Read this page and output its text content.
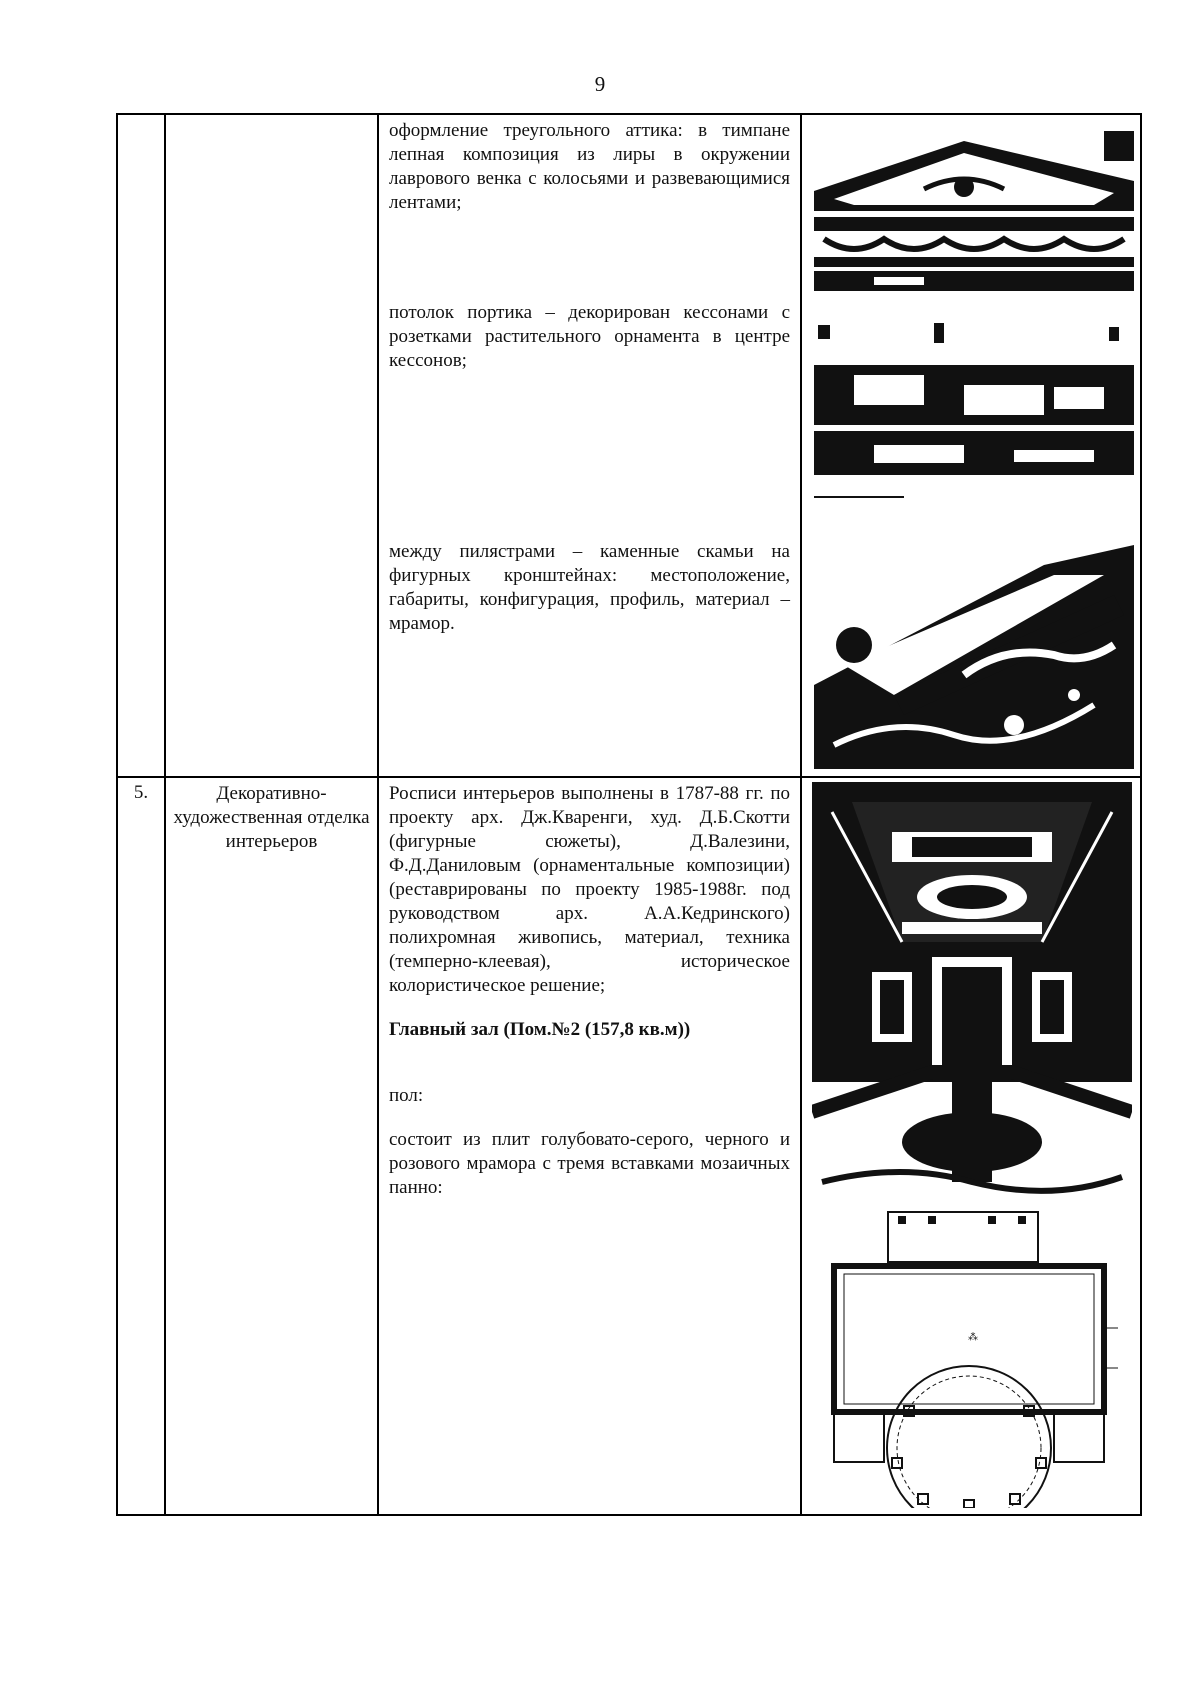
9

		оформление треугольного аттика: в тимпане лепная композиция из лиры в окружении лаврового венка с колосьями и развевающимися лентами;

потолок портика – декорирован кессонами с розетками растительного орнамента в центре кессонов;

между пилястрами – каменные скамьи на фигурных кронштейнах: местоположение, габариты, конфигурация, профиль, материал – мрамор.

5.	Декоративно-художественная отделка интерьеров	Росписи интерьеров выполнены в 1787-88 гг. по проекту арх. Дж.Кваренги, худ. Д.Б.Скотти (фигурные сюжеты), Д.Валезини, Ф.Д.Даниловым (орнаментальные композиции) (реставрированы по проекту 1985-1988г. под руководством арх. А.А.Кедринского) полихромная живопись, материал, техника (темперно-клеевая), историческое колористическое решение;

Главный зал (Пом.№2 (157,8 кв.м))

пол:

состоит из плит голубовато-серого, черного и розового мрамора с тремя вставками мозаичных панно:	⁂
